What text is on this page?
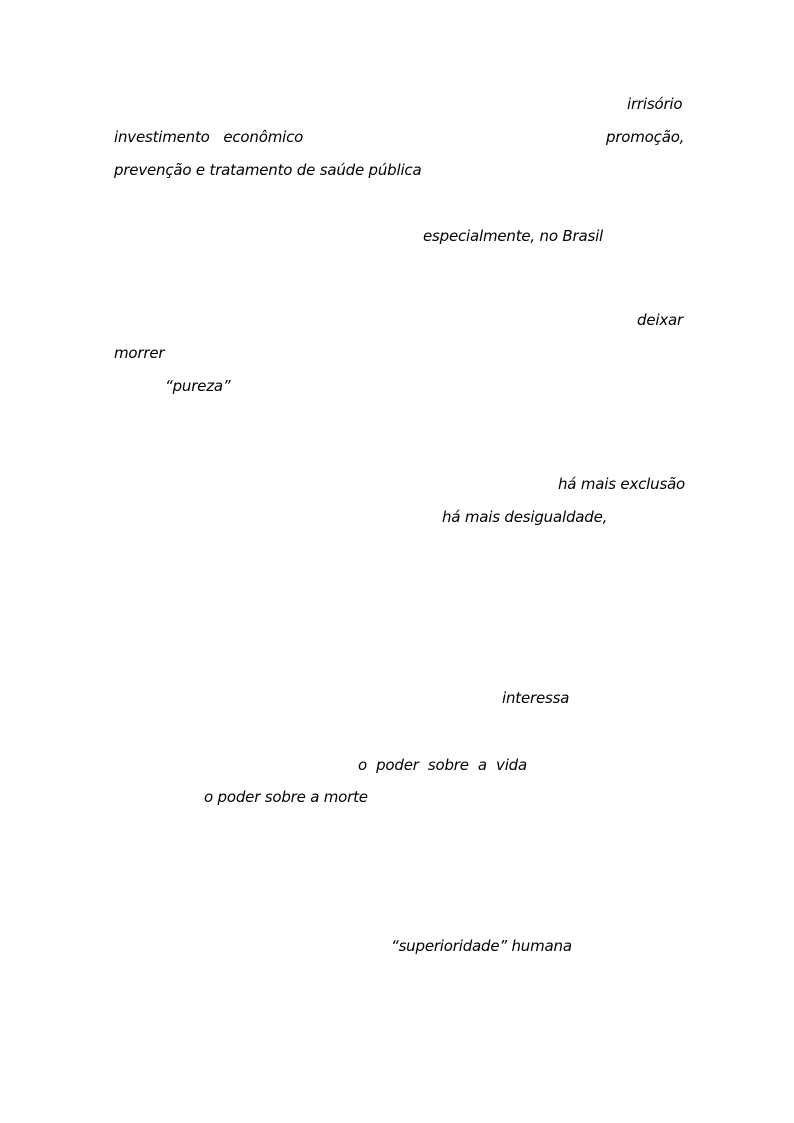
irrisório
investimento   econômico	promoção,
prevenção e tratamento de saúde pública
especialmente, no Brasil
deixar
morrer
“pureza”
há mais exclusão
há mais desigualdade,
interessa
o  poder  sobre  a  vida
o poder sobre a morte
“superioridade” humana
